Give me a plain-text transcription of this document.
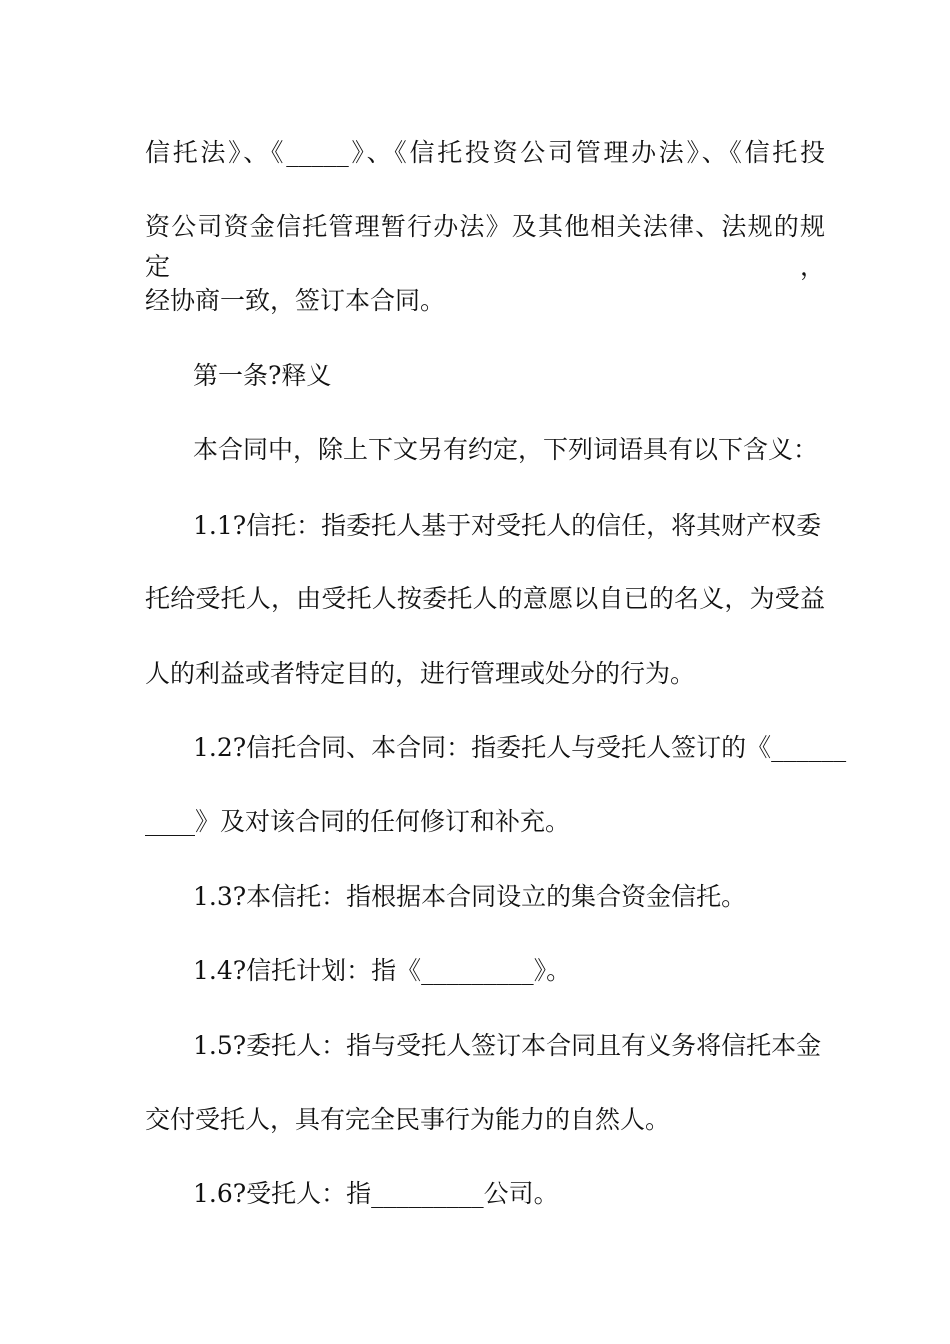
信托法》、《_____》、《信托投资公司管理办法》、《信托投
资公司资金信托管理暂行办法》及其他相关法律、法规的规定，
经协商一致，签订本合同。
第一条?释义
本合同中，除上下文另有约定，下列词语具有以下含义：
1.1?信托：指委托人基于对受托人的信任，将其财产权委
托给受托人，由受托人按委托人的意愿以自已的名义，为受益
人的利益或者特定目的，进行管理或处分的行为。
1.2?信托合同、本合同：指委托人与受托人签订的《______
____》及对该合同的任何修订和补充。
1.3?本信托：指根据本合同设立的集合资金信托。
1.4?信托计划：指《_________》。
1.5?委托人：指与受托人签订本合同且有义务将信托本金
交付受托人，具有完全民事行为能力的自然人。
1.6?受托人：指_________公司。
